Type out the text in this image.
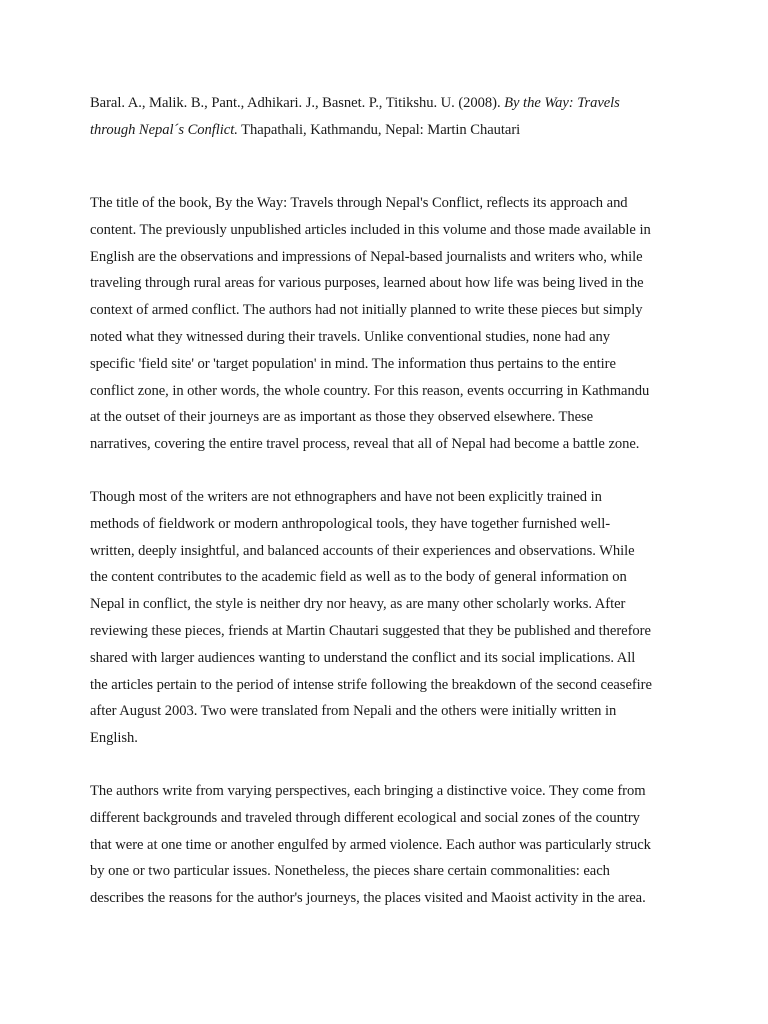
Baral. A., Malik. B., Pant., Adhikari. J., Basnet. P., Titikshu. U. (2008). By the Way: Travels
through Nepal´s Conflict. Thapathali, Kathmandu, Nepal: Martin Chautari
The title of the book, By the Way: Travels through Nepal's Conflict, reflects its approach and
content. The previously unpublished articles included in this volume and those made available in
English are the observations and impressions of Nepal-based journalists and writers who, while
traveling through rural areas for various purposes, learned about how life was being lived in the
context of armed conflict. The authors had not initially planned to write these pieces but simply
noted what they witnessed during their travels. Unlike conventional studies, none had any
specific 'field site' or 'target population' in mind. The information thus pertains to the entire
conflict zone, in other words, the whole country. For this reason, events occurring in Kathmandu
at the outset of their journeys are as important as those they observed elsewhere. These
narratives, covering the entire travel process, reveal that all of Nepal had become a battle zone.
Though most of the writers are not ethnographers and have not been explicitly trained in
methods of fieldwork or modern anthropological tools, they have together furnished well-
written, deeply insightful, and balanced accounts of their experiences and observations. While
the content contributes to the academic field as well as to the body of general information on
Nepal in conflict, the style is neither dry nor heavy, as are many other scholarly works. After
reviewing these pieces, friends at Martin Chautari suggested that they be published and therefore
shared with larger audiences wanting to understand the conflict and its social implications. All
the articles pertain to the period of intense strife following the breakdown of the second ceasefire
after August 2003. Two were translated from Nepali and the others were initially written in
English.
The authors write from varying perspectives, each bringing a distinctive voice. They come from
different backgrounds and traveled through different ecological and social zones of the country
that were at one time or another engulfed by armed violence. Each author was particularly struck
by one or two particular issues. Nonetheless, the pieces share certain commonalities: each
describes the reasons for the author's journeys, the places visited and Maoist activity in the area.
